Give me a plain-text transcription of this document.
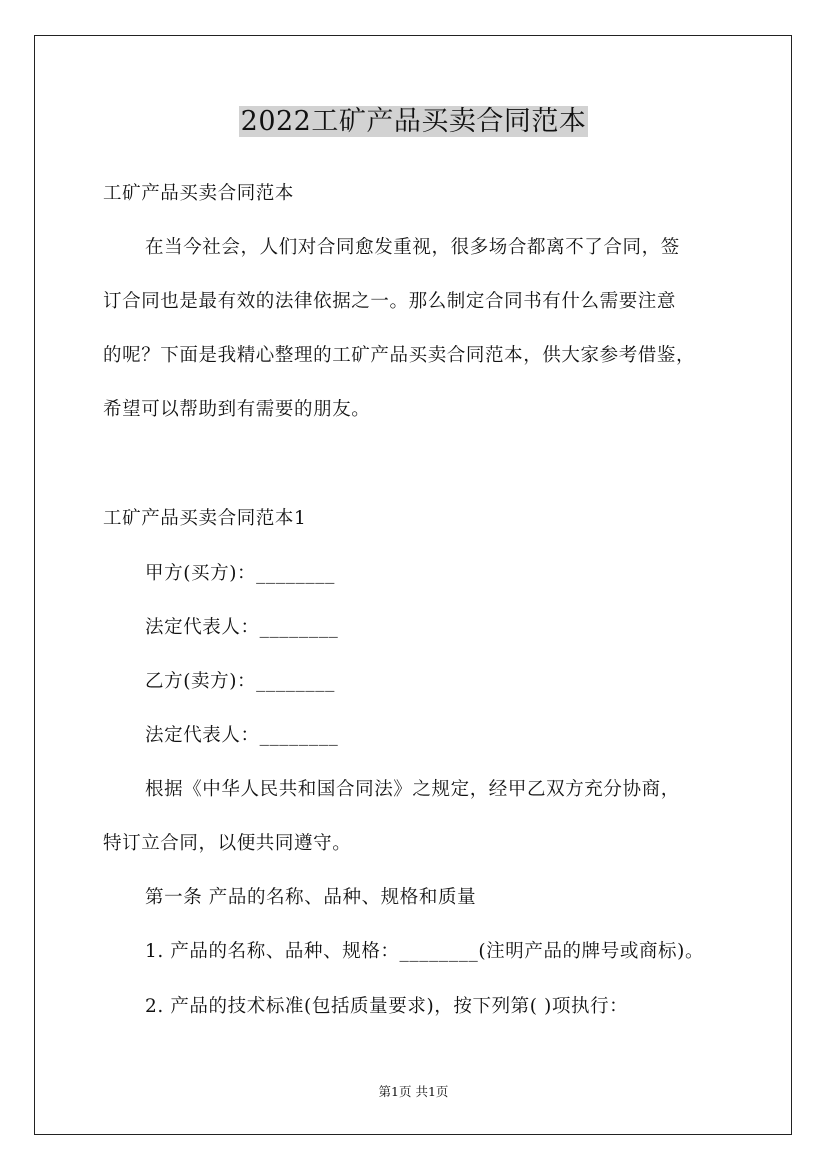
2022工矿产品买卖合同范本
工矿产品买卖合同范本
在当今社会，人们对合同愈发重视，很多场合都离不了合同，签
订合同也是最有效的法律依据之一。那么制定合同书有什么需要注意
的呢？下面是我精心整理的工矿产品买卖合同范本，供大家参考借鉴，
希望可以帮助到有需要的朋友。
工矿产品买卖合同范本1
甲方(买方)：________
法定代表人：________
乙方(卖方)：________
法定代表人：________
根据《中华人民共和国合同法》之规定，经甲乙双方充分协商，
特订立合同，以便共同遵守。
第一条 产品的名称、品种、规格和质量
1. 产品的名称、品种、规格：________(注明产品的牌号或商标)。
2. 产品的技术标准(包括质量要求)，按下列第( )项执行：
第1页 共1页
